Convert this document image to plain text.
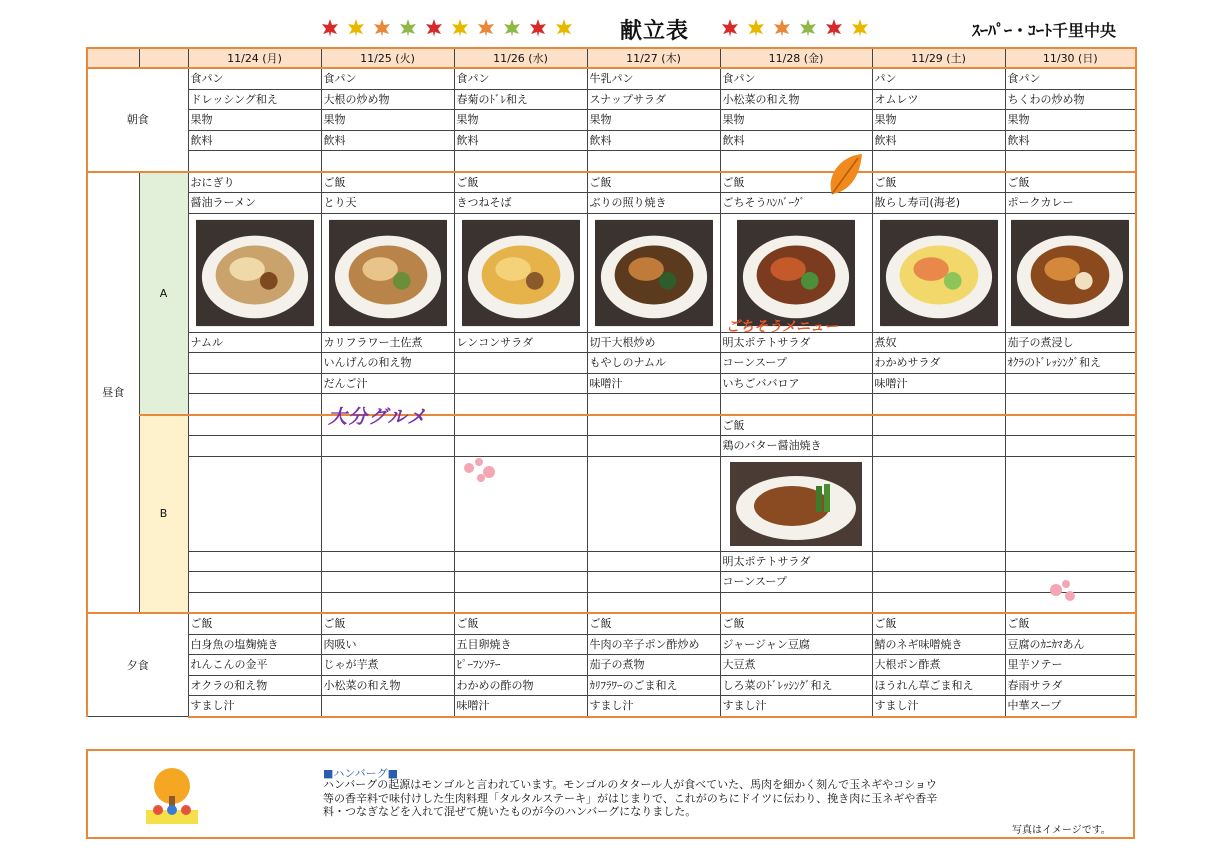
献立表	ｽｰﾊﾟｰ・ｺｰﾄ千里中央
		11/24 (月)	11/25 (火)	11/26 (水)	11/27 (木)	11/28 (金)	11/29 (土)	11/30 (日)
朝食		食パン	食パン	食パン	牛乳パン	食パン	パン	食パン
		ドレッシング和え	大根の炒め物	春菊のﾄﾞﾚ和え	スナップサラダ	小松菜の和え物	オムレツ	ちくわの炒め物
		果物	果物	果物	果物	果物	果物	果物
		飲料	飲料	飲料	飲料	飲料	飲料	飲料

昼食	A	おにぎり	ご飯	ご飯	ご飯	ご飯	ご飯	ご飯
		醤油ラーメン	とり天	きつねそば	ぶりの照り焼き	ごちそうﾊﾝﾊﾞｰｸﾞ	散らし寿司(海老)	ポークカレー

		ナムル	カリフラワー土佐煮	レンコンサラダ	切干大根炒め	明太ポテトサラダ	煮奴	茄子の煮浸し
			いんげんの和え物		もやしのナムル	コーンスープ	わかめサラダ	ｵｸﾗのﾄﾞﾚｯｼﾝｸﾞ和え
			だんご汁		味噌汁	いちごババロア	味噌汁	

	B					ご飯		
						鶏のバター醤油焼き		

						明太ポテトサラダ		
						コーンスープ		

夕食		ご飯	ご飯	ご飯	ご飯	ご飯	ご飯	ご飯
		白身魚の塩麹焼き	肉吸い	五目卵焼き	牛肉の辛子ポン酢炒め	ジャージャン豆腐	鯖のネギ味噌焼き	豆腐のｶﾆｶﾏあん
		れんこんの金平	じゃが芋煮	ﾋﾟｰﾌﾝｿﾃｰ	茄子の煮物	大豆煮	大根ポン酢煮	里芋ソテー
		オクラの和え物	小松菜の和え物	わかめの酢の物	ｶﾘﾌﾗﾜｰのごま和え	しろ菜のﾄﾞﾚｯｼﾝｸﾞ和え	ほうれん草ごま和え	春雨サラダ
		すまし汁		味噌汁	すまし汁	すまし汁	すまし汁	中華スープ
大分グルメ
ごちそうメニュー
■ハンバーグ■
ハンバーグの起源はモンゴルと言われています。モンゴルのタタール人が食べていた、馬肉を細かく刻んで玉ネギやコショウ
等の香辛料で味付けした生肉料理「タルタルステーキ」がはじまりで、これがのちにドイツに伝わり、挽き肉に玉ネギや香辛
料・つなぎなどを入れて混ぜて焼いたものが今のハンバーグになりました。
写真はイメージです。
